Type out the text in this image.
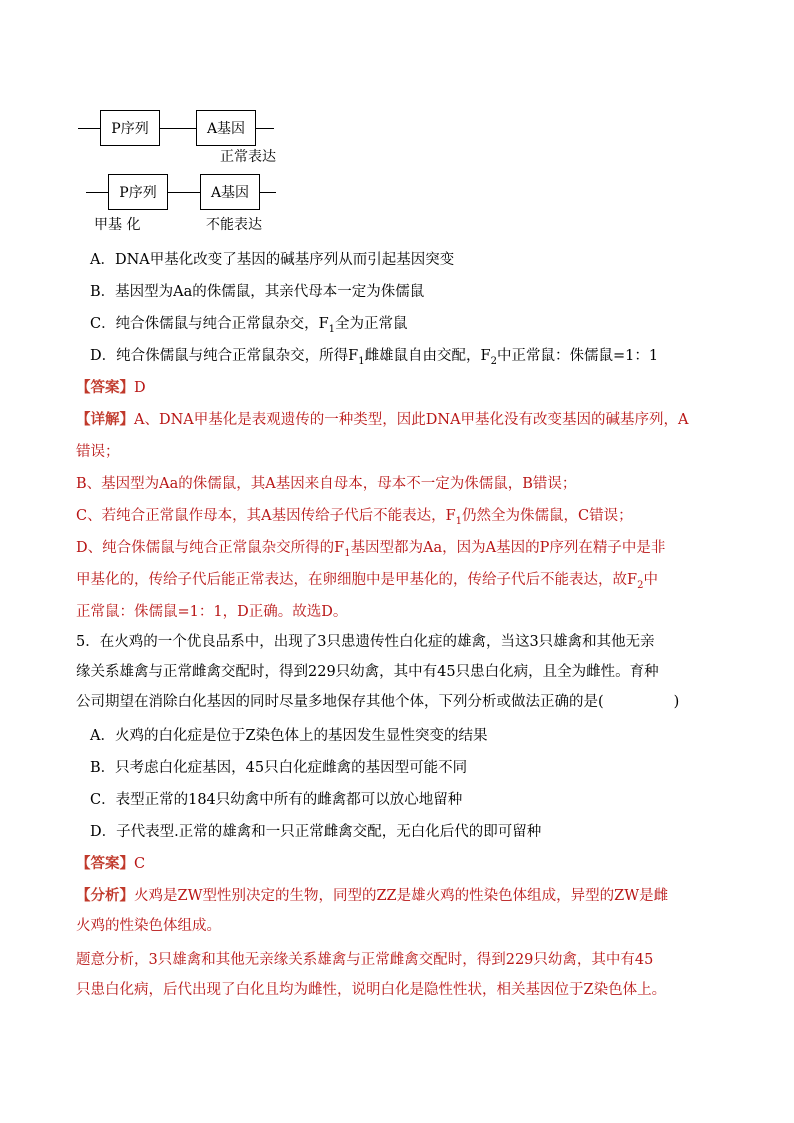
P序列	A基因
正常表达
P序列	A基因
甲基 化	不能表达
A．DNA甲基化改变了基因的碱基序列从而引起基因突变
B．基因型为Aa的侏儒鼠，其亲代母本一定为侏儒鼠
C．纯合侏儒鼠与纯合正常鼠杂交，$F_1$全为正常鼠
D．纯合侏儒鼠与纯合正常鼠杂交，所得$F_1$雌雄鼠自由交配，$F_2$中正常鼠：侏儒鼠=1：1
【答案】D
【详解】A、DNA甲基化是表观遗传的一种类型，因此DNA甲基化没有改变基因的碱基序列，A
错误；
B、基因型为Aa的侏儒鼠，其A基因来自母本，母本不一定为侏儒鼠，B错误；
C、若纯合正常鼠作母本，其A基因传给子代后不能表达，$F_1$仍然全为侏儒鼠，C错误；
D、纯合侏儒鼠与纯合正常鼠杂交所得的$F_1$基因型都为Aa，因为A基因的P序列在精子中是非
甲基化的，传给子代后能正常表达，在卵细胞中是甲基化的，传给子代后不能表达，故$F_2$中
正常鼠：侏儒鼠=1：1，D正确。故选D。
5．在火鸡的一个优良品系中，出现了3只患遗传性白化症的雄禽，当这3只雄禽和其他无亲
缘关系雄禽与正常雌禽交配时，得到229只幼禽，其中有45只患白化病，且全为雌性。育种
公司期望在消除白化基因的同时尽量多地保存其他个体，下列分析或做法正确的是(	)
A．火鸡的白化症是位于Z染色体上的基因发生显性突变的结果
B．只考虑白化症基因，45只白化症雌禽的基因型可能不同
C．表型正常的184只幼禽中所有的雌禽都可以放心地留种
D．子代表型.正常的雄禽和一只正常雌禽交配，无白化后代的即可留种
【答案】C
【分析】火鸡是ZW型性别决定的生物，同型的ZZ是雄火鸡的性染色体组成，异型的ZW是雌
火鸡的性染色体组成。
题意分析，3只雄禽和其他无亲缘关系雄禽与正常雌禽交配时，得到229只幼禽，其中有45
只患白化病，后代出现了白化且均为雌性，说明白化是隐性性状，相关基因位于Z染色体上。
